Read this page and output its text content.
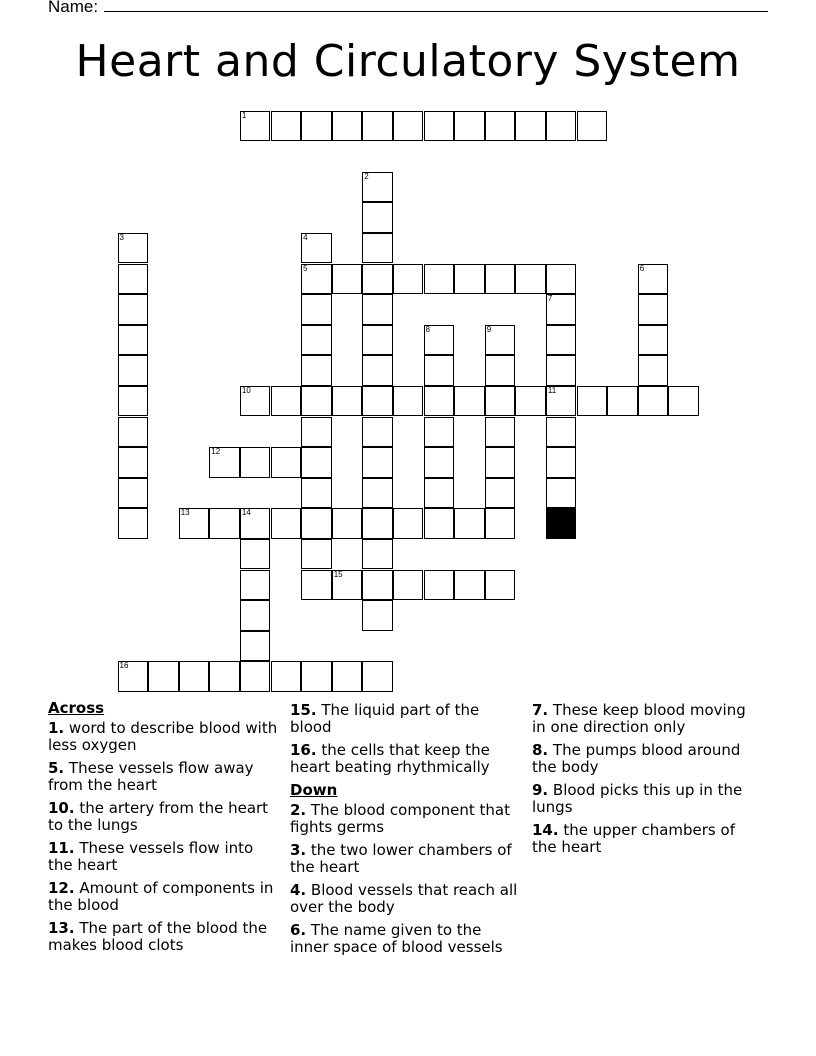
Name:
Heart and Circulatory System
1
2
3	4
5	6
7
11
8	9
10
12
13	14
15
16
Across
1. word to describe blood with less oxygen
5. These vessels flow away from the heart
10. the artery from the heart to the lungs
11. These vessels flow into the heart
12. Amount of components in the blood
13. The part of the blood the makes blood clots
15. The liquid part of the blood
16. the cells that keep the heart beating rhythmically
Down
2. The blood component that fights germs
3. the two lower chambers of the heart
4. Blood vessels that reach all over the body
6. The name given to the inner space of blood vessels
7. These keep blood moving in one direction only
8. The pumps blood around the body
9. Blood picks this up in the lungs
14. the upper chambers of the heart
